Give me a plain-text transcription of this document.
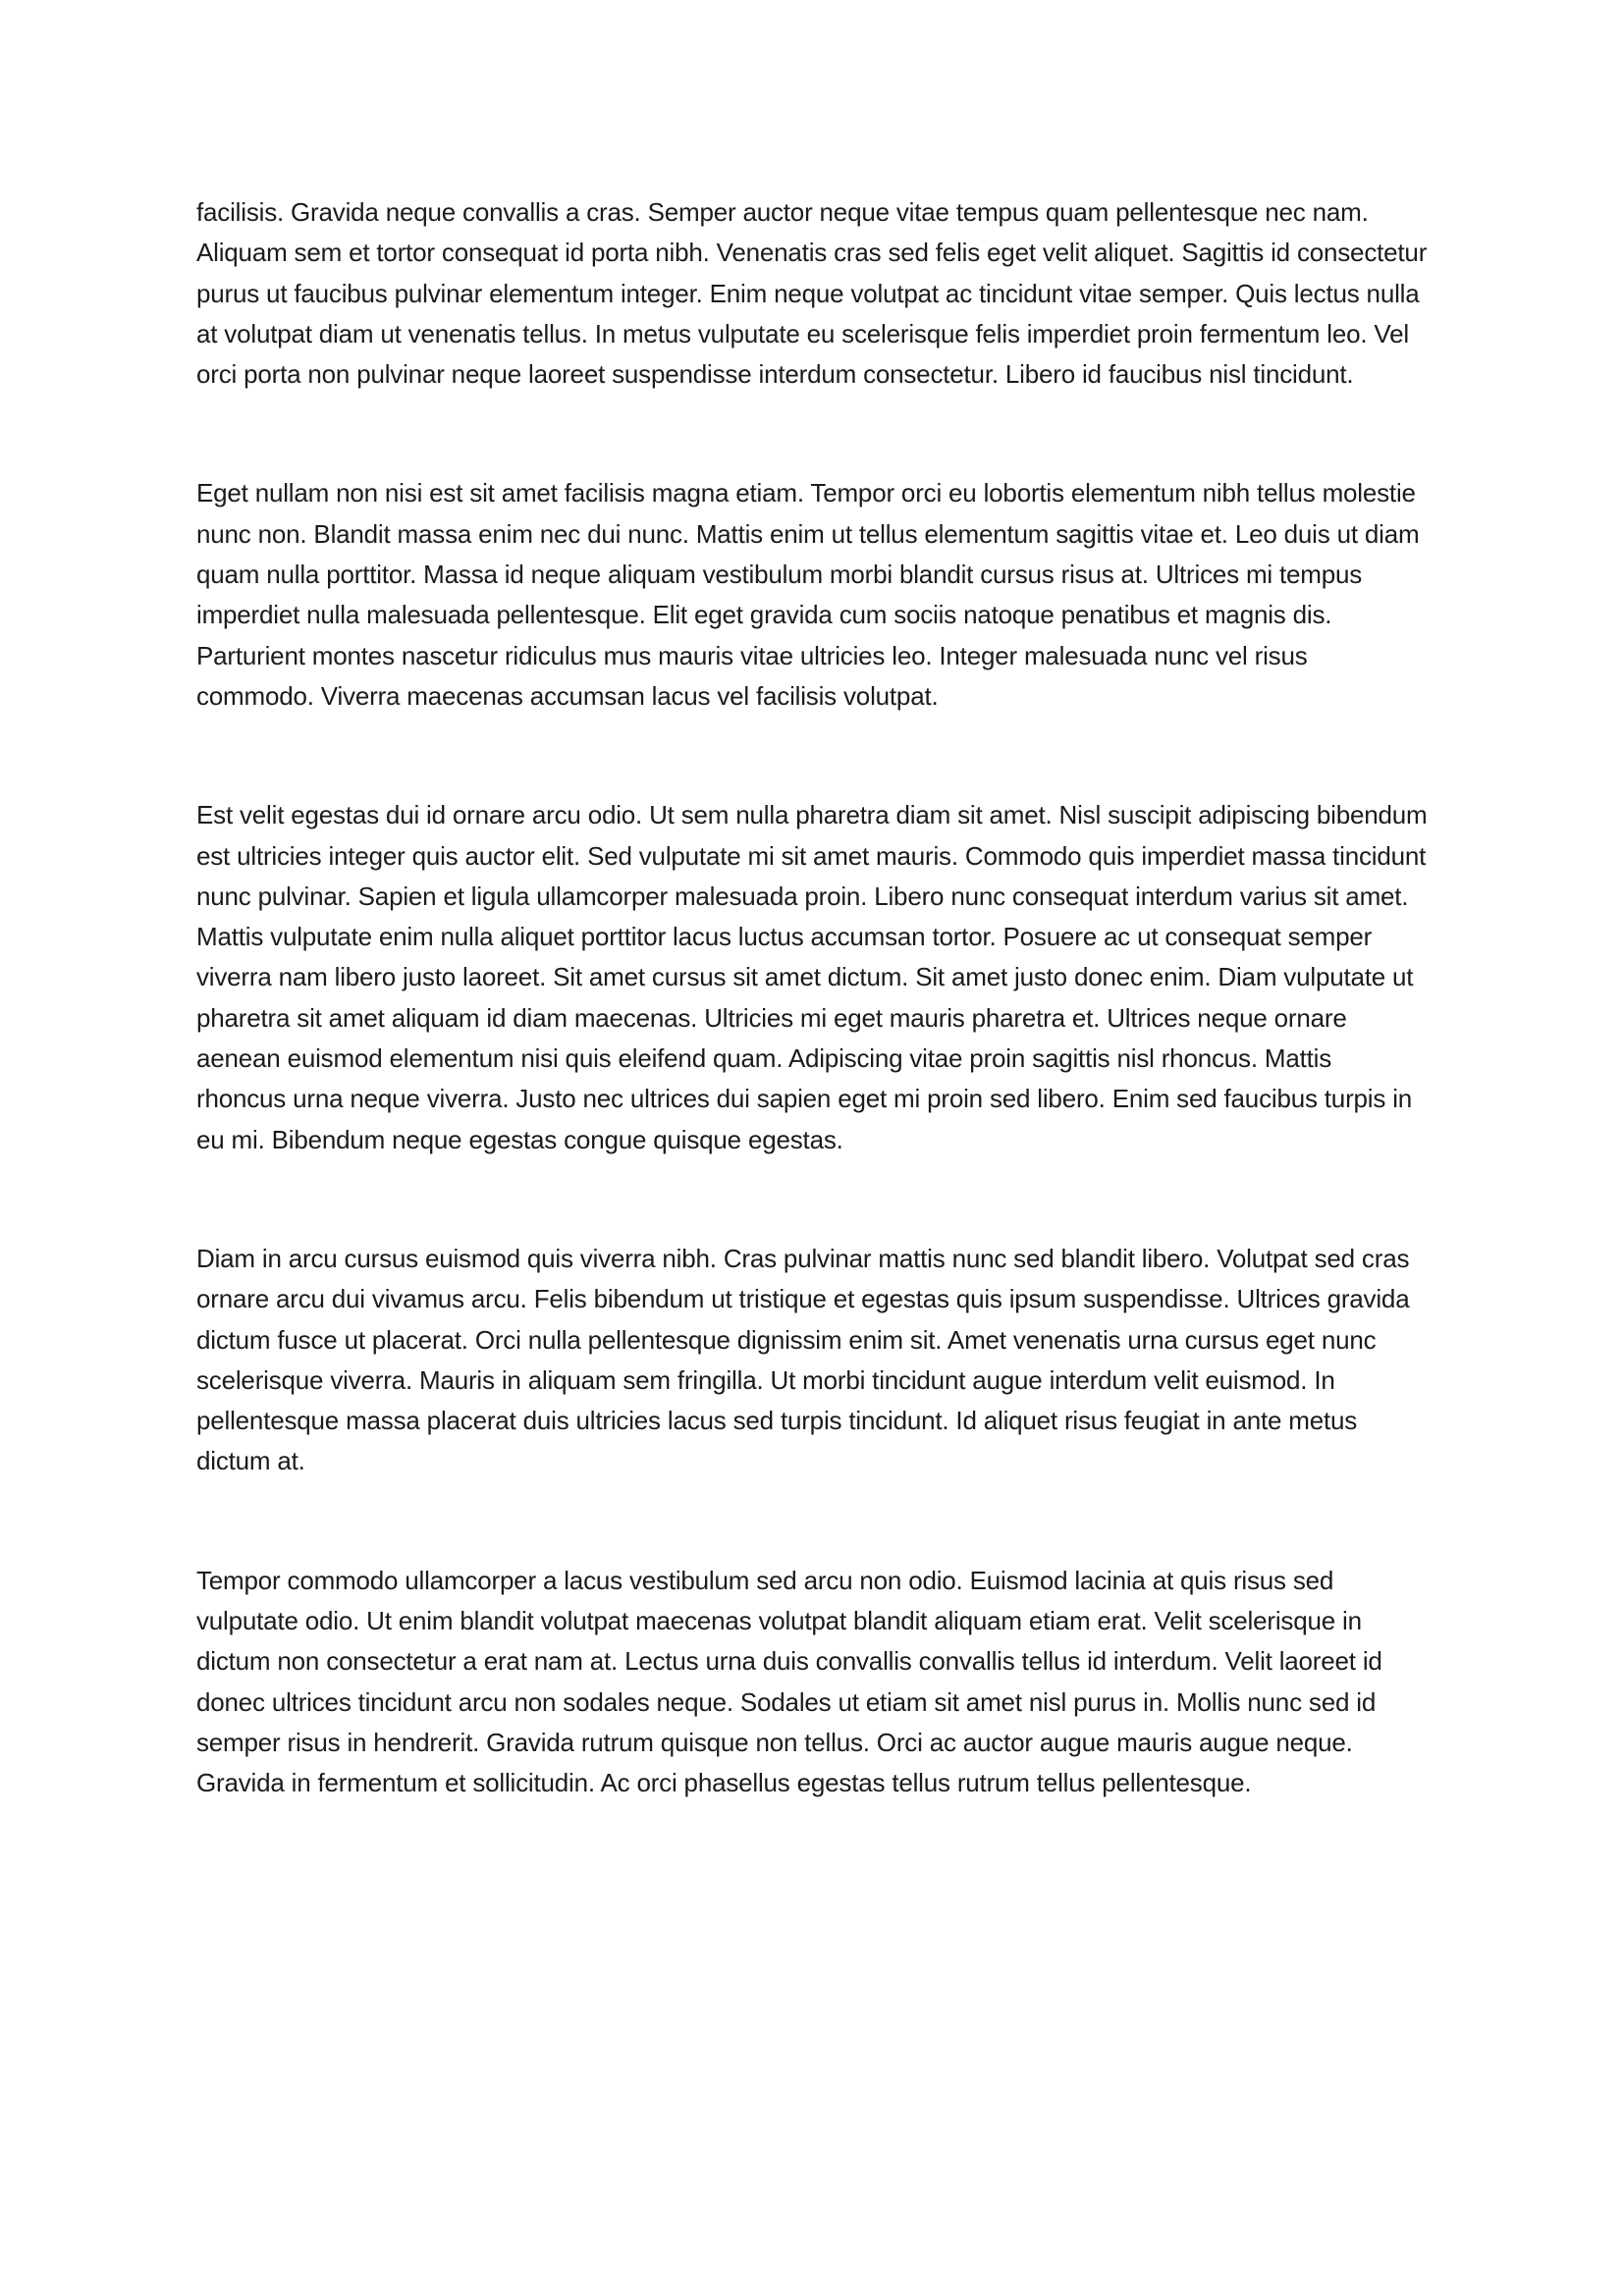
facilisis. Gravida neque convallis a cras. Semper auctor neque vitae tempus quam pellentesque nec nam. Aliquam sem et tortor consequat id porta nibh. Venenatis cras sed felis eget velit aliquet. Sagittis id consectetur purus ut faucibus pulvinar elementum integer. Enim neque volutpat ac tincidunt vitae semper. Quis lectus nulla at volutpat diam ut venenatis tellus. In metus vulputate eu scelerisque felis imperdiet proin fermentum leo. Vel orci porta non pulvinar neque laoreet suspendisse interdum consectetur. Libero id faucibus nisl tincidunt.

Eget nullam non nisi est sit amet facilisis magna etiam. Tempor orci eu lobortis elementum nibh tellus molestie nunc non. Blandit massa enim nec dui nunc. Mattis enim ut tellus elementum sagittis vitae et. Leo duis ut diam quam nulla porttitor. Massa id neque aliquam vestibulum morbi blandit cursus risus at. Ultrices mi tempus imperdiet nulla malesuada pellentesque. Elit eget gravida cum sociis natoque penatibus et magnis dis. Parturient montes nascetur ridiculus mus mauris vitae ultricies leo. Integer malesuada nunc vel risus commodo. Viverra maecenas accumsan lacus vel facilisis volutpat.

Est velit egestas dui id ornare arcu odio. Ut sem nulla pharetra diam sit amet. Nisl suscipit adipiscing bibendum est ultricies integer quis auctor elit. Sed vulputate mi sit amet mauris. Commodo quis imperdiet massa tincidunt nunc pulvinar. Sapien et ligula ullamcorper malesuada proin. Libero nunc consequat interdum varius sit amet. Mattis vulputate enim nulla aliquet porttitor lacus luctus accumsan tortor. Posuere ac ut consequat semper viverra nam libero justo laoreet. Sit amet cursus sit amet dictum. Sit amet justo donec enim. Diam vulputate ut pharetra sit amet aliquam id diam maecenas. Ultricies mi eget mauris pharetra et. Ultrices neque ornare aenean euismod elementum nisi quis eleifend quam. Adipiscing vitae proin sagittis nisl rhoncus. Mattis rhoncus urna neque viverra. Justo nec ultrices dui sapien eget mi proin sed libero. Enim sed faucibus turpis in eu mi. Bibendum neque egestas congue quisque egestas.

Diam in arcu cursus euismod quis viverra nibh. Cras pulvinar mattis nunc sed blandit libero. Volutpat sed cras ornare arcu dui vivamus arcu. Felis bibendum ut tristique et egestas quis ipsum suspendisse. Ultrices gravida dictum fusce ut placerat. Orci nulla pellentesque dignissim enim sit. Amet venenatis urna cursus eget nunc scelerisque viverra. Mauris in aliquam sem fringilla. Ut morbi tincidunt augue interdum velit euismod. In pellentesque massa placerat duis ultricies lacus sed turpis tincidunt. Id aliquet risus feugiat in ante metus dictum at.

Tempor commodo ullamcorper a lacus vestibulum sed arcu non odio. Euismod lacinia at quis risus sed vulputate odio. Ut enim blandit volutpat maecenas volutpat blandit aliquam etiam erat. Velit scelerisque in dictum non consectetur a erat nam at. Lectus urna duis convallis convallis tellus id interdum. Velit laoreet id donec ultrices tincidunt arcu non sodales neque. Sodales ut etiam sit amet nisl purus in. Mollis nunc sed id semper risus in hendrerit. Gravida rutrum quisque non tellus. Orci ac auctor augue mauris augue neque. Gravida in fermentum et sollicitudin. Ac orci phasellus egestas tellus rutrum tellus pellentesque.
